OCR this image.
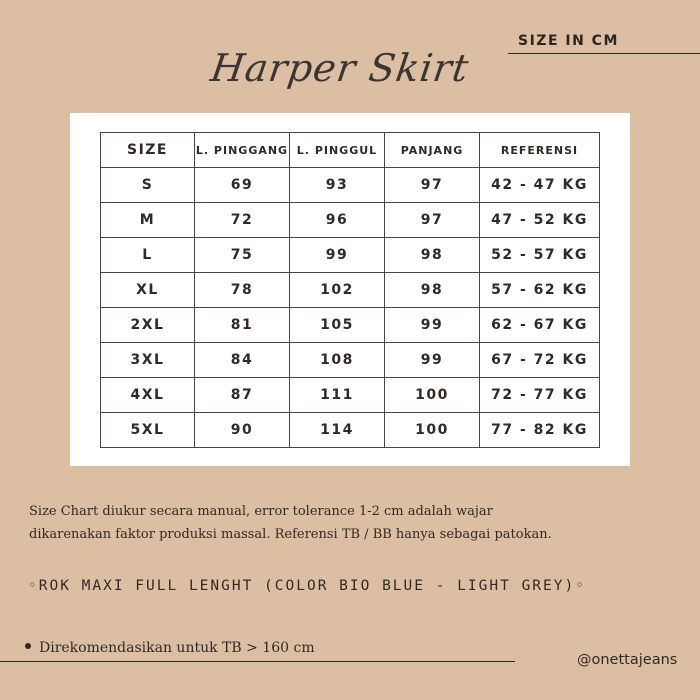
SIZE IN CM
Harper Skirt
SIZE	L. PINGGANG	L. PINGGUL	PANJANG	REFERENSI
S	69	93	97	42 - 47 KG
M	72	96	97	47 - 52 KG
L	75	99	98	52 - 57 KG
XL	78	102	98	57 - 62 KG
2XL	81	105	99	62 - 67 KG
3XL	84	108	99	67 - 72 KG
4XL	87	111	100	72 - 77 KG
5XL	90	114	100	77 - 82 KG
Size Chart diukur secara manual, error tolerance 1-2 cm adalah wajar
dikarenakan faktor produksi massal. Referensi TB / BB hanya sebagai patokan.
◦ROK MAXI FULL LENGHT (COLOR BIO BLUE - LIGHT GREY)◦
Direkomendasikan untuk TB > 160 cm
@onettajeans
